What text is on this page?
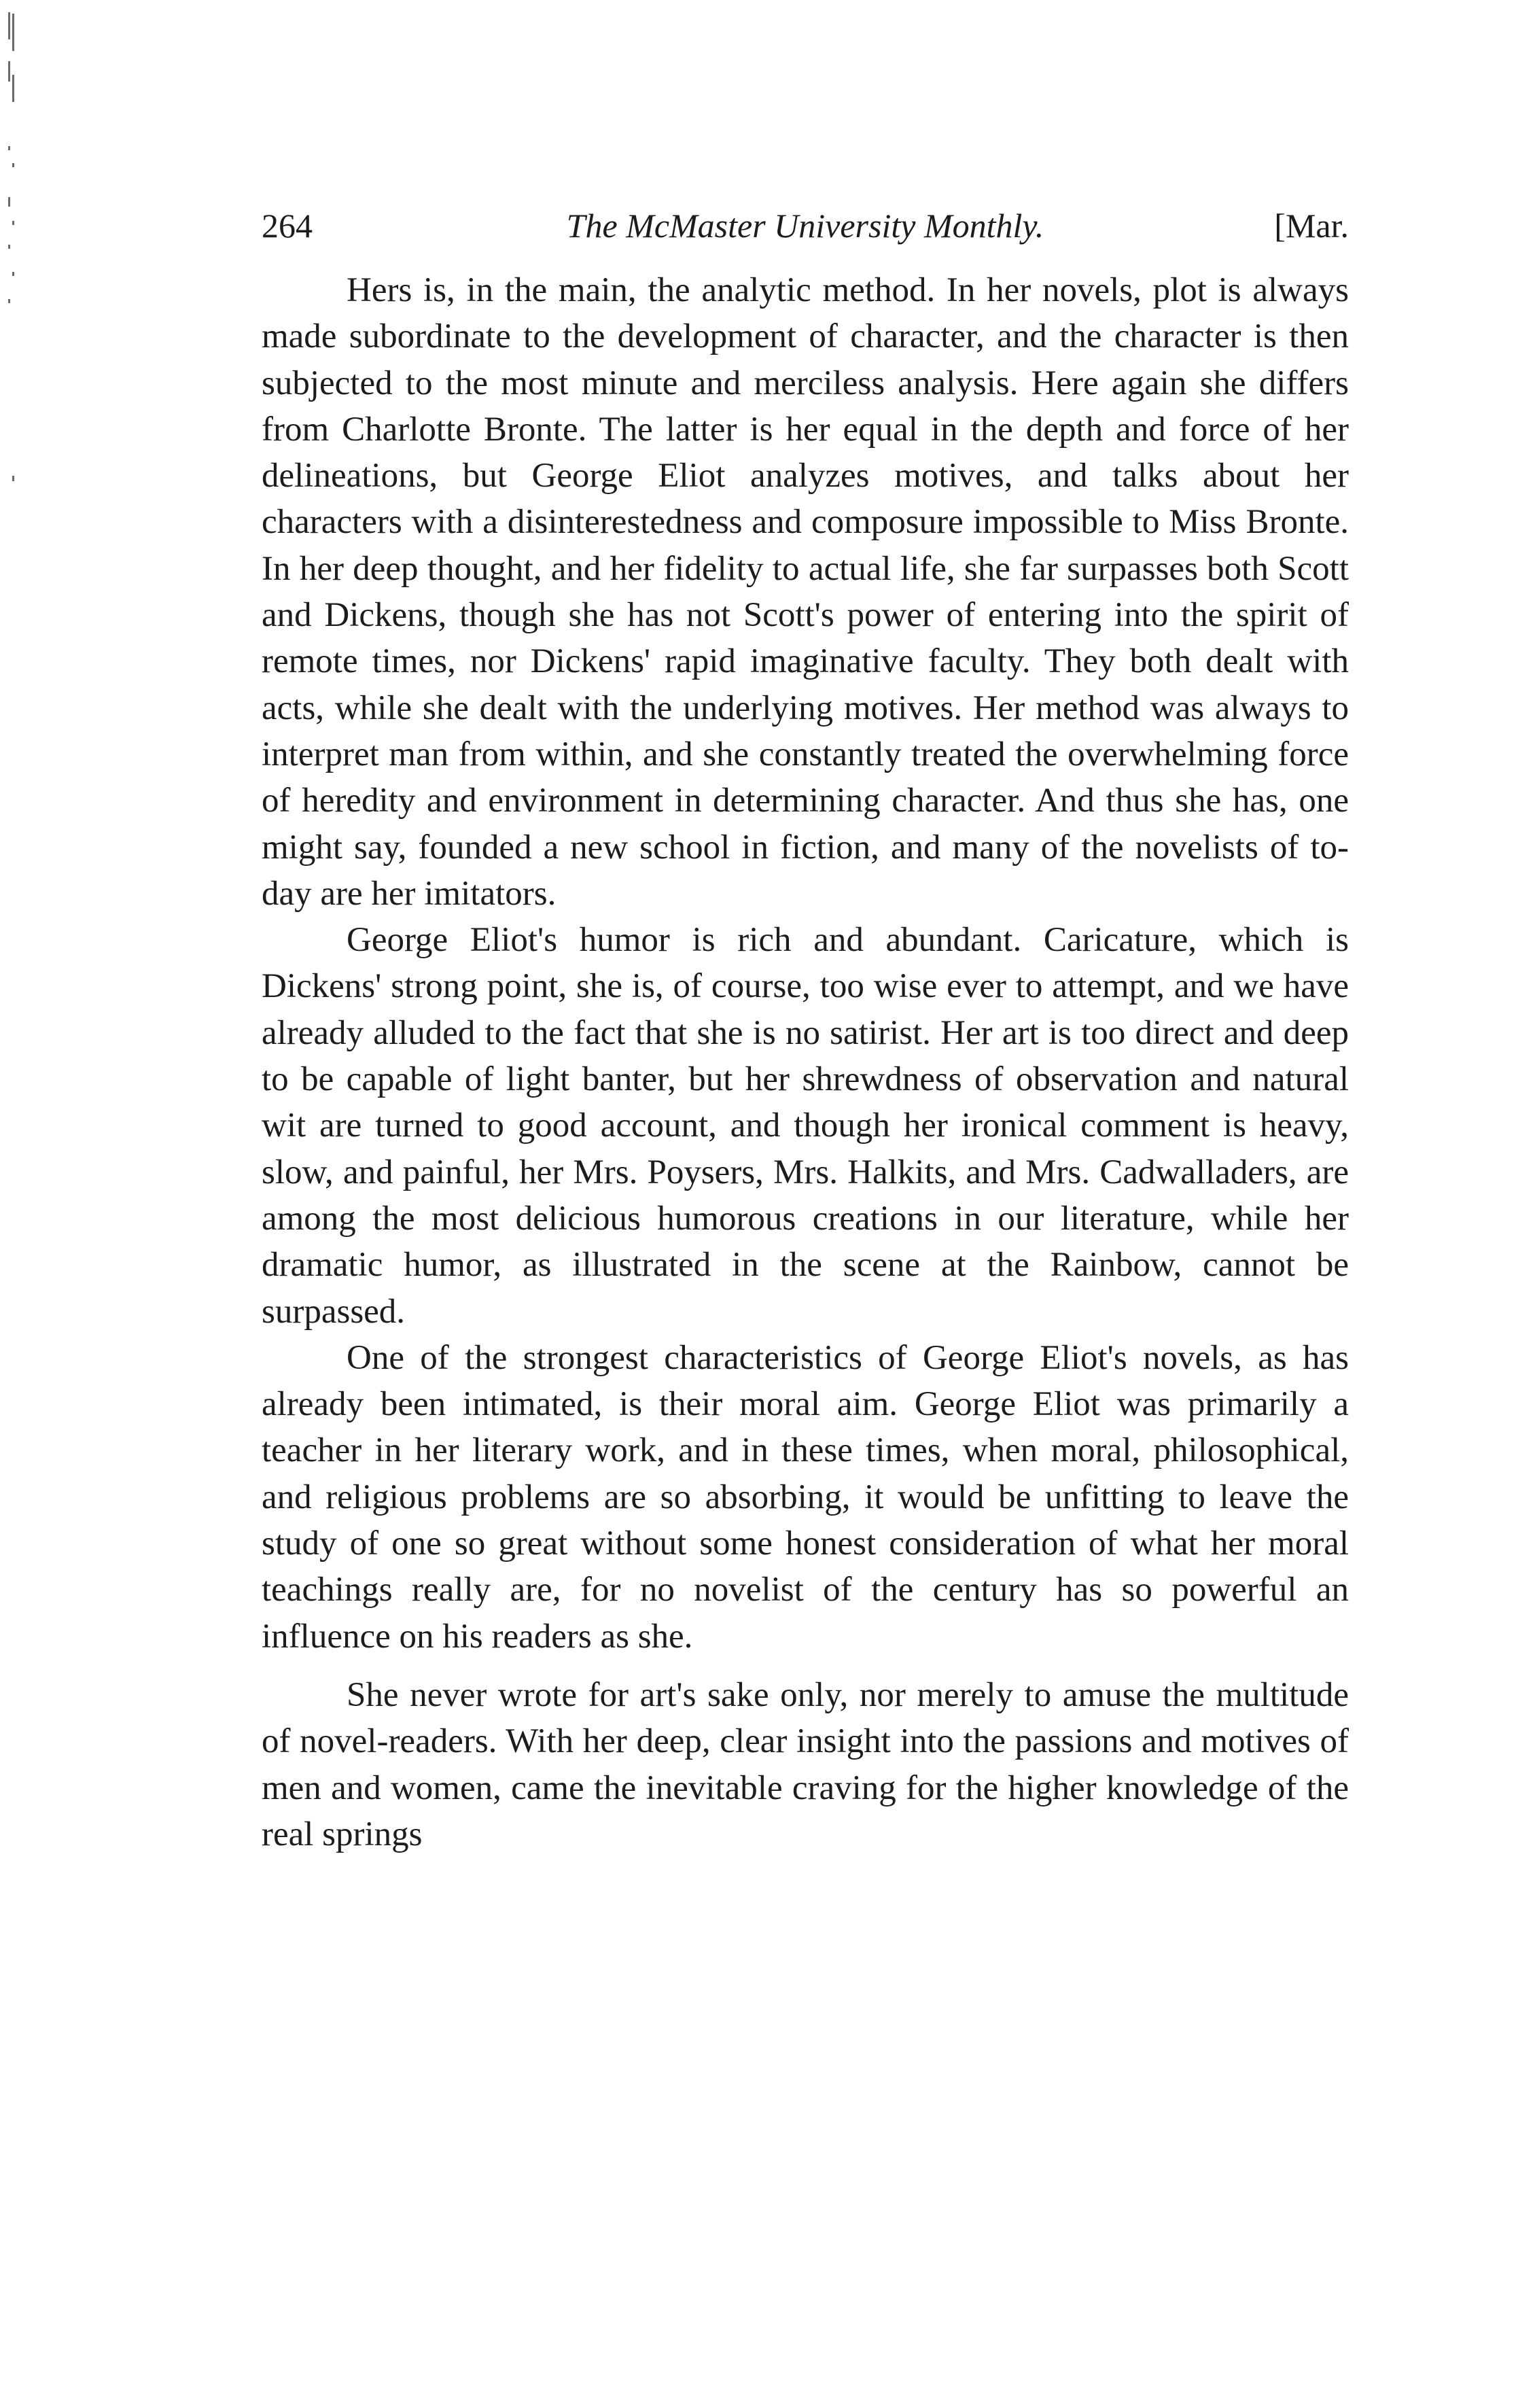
264	The McMaster University Monthly.	[Mar.

Hers is, in the main, the analytic method. In her novels, plot is always made subordinate to the development of character, and the character is then subjected to the most minute and merciless analysis. Here again she differs from Charlotte Bronte. The latter is her equal in the depth and force of her delineations, but George Eliot analyzes motives, and talks about her characters with a disinterestedness and composure impossible to Miss Bronte. In her deep thought, and her fidelity to actual life, she far surpasses both Scott and Dickens, though she has not Scott's power of entering into the spirit of remote times, nor Dickens' rapid imaginative faculty. They both dealt with acts, while she dealt with the underlying motives. Her method was always to interpret man from within, and she constantly treated the overwhelming force of heredity and environment in determining character. And thus she has, one might say, founded a new school in fiction, and many of the novelists of to-day are her imitators.

George Eliot's humor is rich and abundant. Caricature, which is Dickens' strong point, she is, of course, too wise ever to attempt, and we have already alluded to the fact that she is no satirist. Her art is too direct and deep to be capable of light banter, but her shrewdness of observation and natural wit are turned to good account, and though her ironical comment is heavy, slow, and painful, her Mrs. Poysers, Mrs. Halkits, and Mrs. Cadwalladers, are among the most delicious humorous creations in our literature, while her dramatic humor, as illustrated in the scene at the Rainbow, cannot be surpassed.

One of the strongest characteristics of George Eliot's novels, as has already been intimated, is their moral aim. George Eliot was primarily a teacher in her literary work, and in these times, when moral, philosophical, and religious problems are so absorbing, it would be unfitting to leave the study of one so great without some honest consideration of what her moral teachings really are, for no novelist of the century has so powerful an influence on his readers as she.

She never wrote for art's sake only, nor merely to amuse the multitude of novel-readers. With her deep, clear insight into the passions and motives of men and women, came the inevitable craving for the higher knowledge of the real springs
